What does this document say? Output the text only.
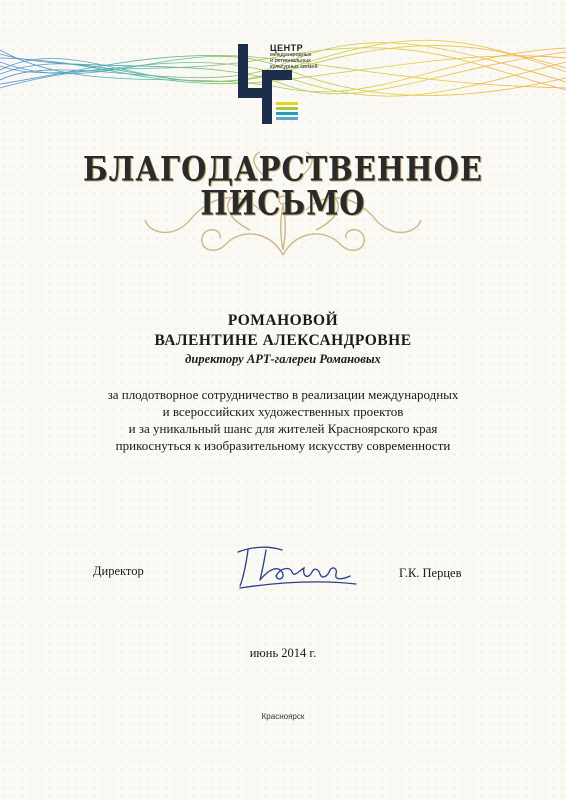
ЦЕНТР
международных
и региональных
культурных связей
БЛАГОДАРСТВЕННОЕ
ПИСЬМО
РОМАНОВОЙ
ВАЛЕНТИНЕ АЛЕКСАНДРОВНЕ
директору АРТ-галереи Романовых
за плодотворное сотрудничество в реализации международных
и всероссийских художественных проектов
и за уникальный шанс для жителей Красноярского края
прикоснуться к изобразительному искусству современности
Директор	Г.К. Перцев
июнь 2014 г.
Красноярск
